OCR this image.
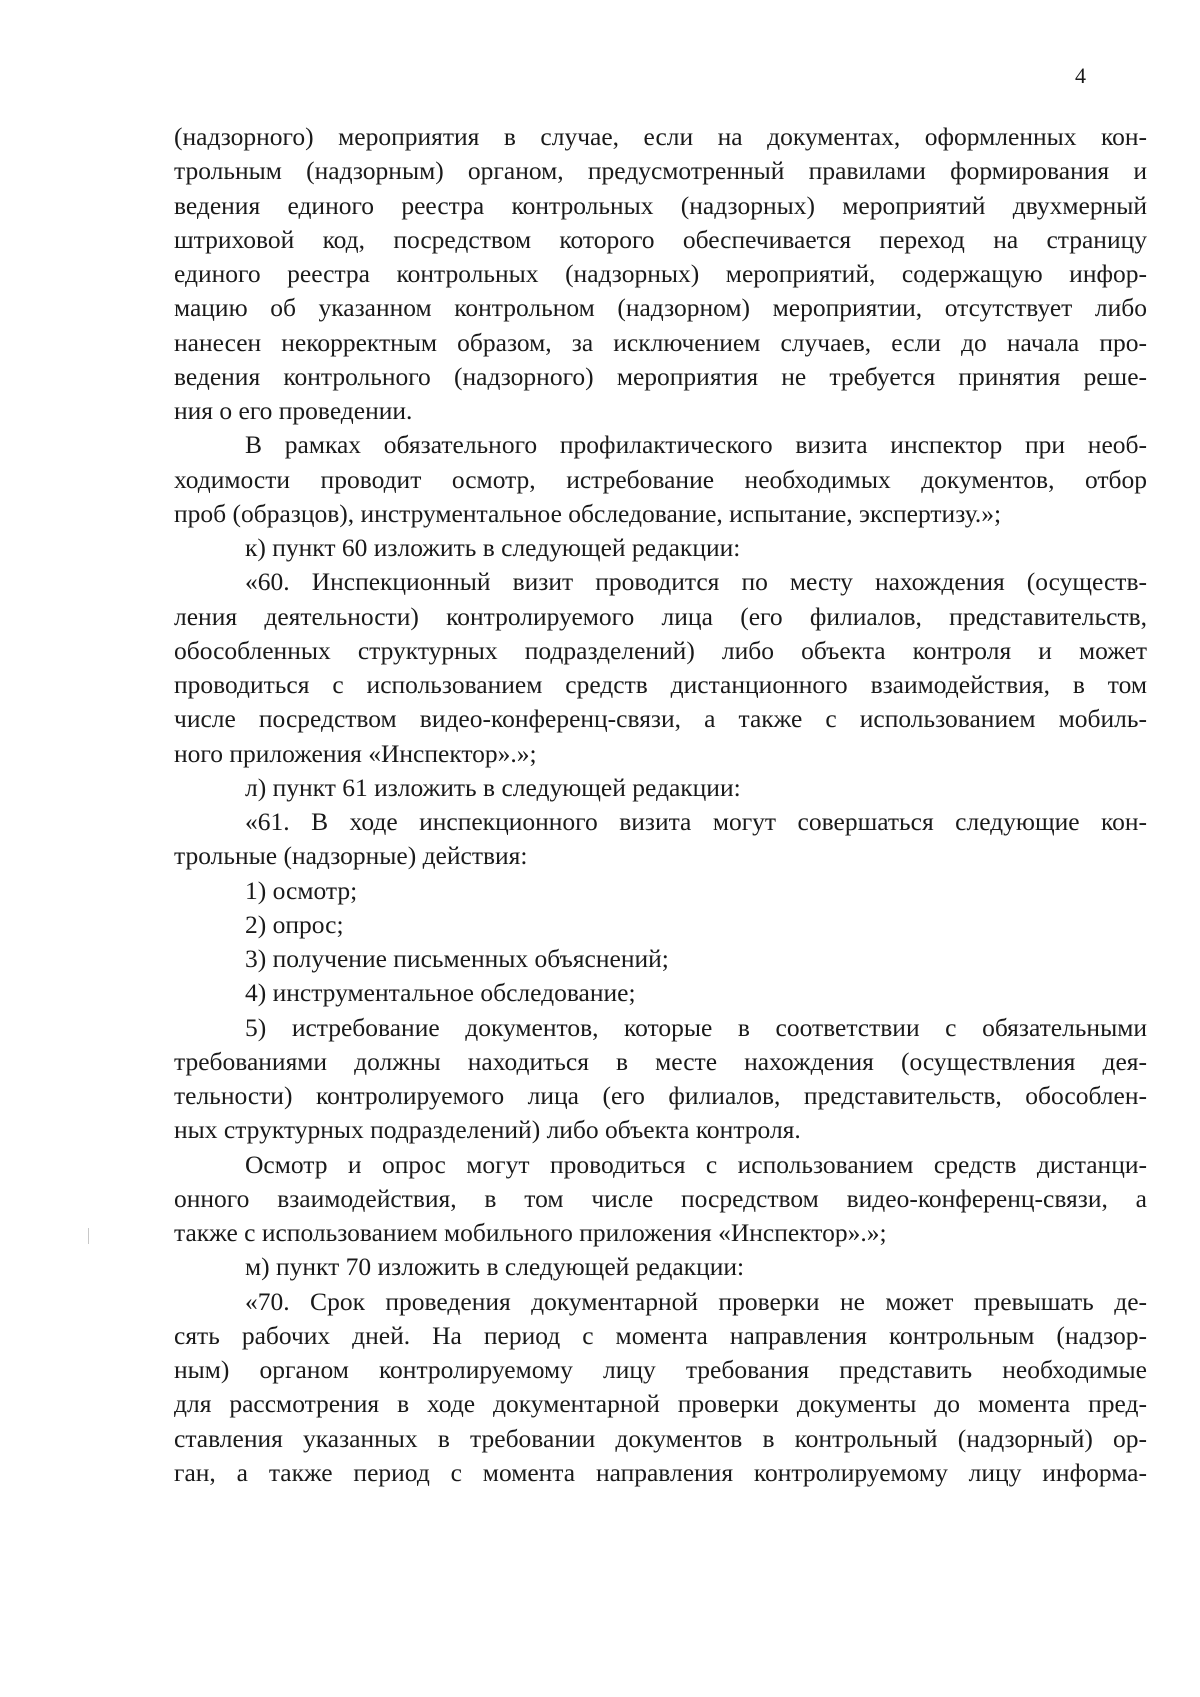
4
(надзорного) мероприятия в случае, если на документах, оформленных кон-
трольным (надзорным) органом, предусмотренный правилами формирования и
ведения единого реестра контрольных (надзорных) мероприятий двухмерный
штриховой код, посредством которого обеспечивается переход на страницу
единого реестра контрольных (надзорных) мероприятий, содержащую инфор-
мацию об указанном контрольном (надзорном) мероприятии, отсутствует либо
нанесен некорректным образом, за исключением случаев, если до начала про-
ведения контрольного (надзорного) мероприятия не требуется принятия реше-
ния о его проведении.
В рамках обязательного профилактического визита инспектор при необ-
ходимости проводит осмотр, истребование необходимых документов, отбор
проб (образцов), инструментальное обследование, испытание, экспертизу.»;
к) пункт 60 изложить в следующей редакции:
«60. Инспекционный визит проводится по месту нахождения (осуществ-
ления деятельности) контролируемого лица (его филиалов, представительств,
обособленных структурных подразделений) либо объекта контроля и может
проводиться с использованием средств дистанционного взаимодействия, в том
числе посредством видео-конференц-связи, а также с использованием мобиль-
ного приложения «Инспектор».»;
л) пункт 61 изложить в следующей редакции:
«61. В ходе инспекционного визита могут совершаться следующие кон-
трольные (надзорные) действия:
1) осмотр;
2) опрос;
3) получение письменных объяснений;
4) инструментальное обследование;
5) истребование документов, которые в соответствии с обязательными
требованиями должны находиться в месте нахождения (осуществления дея-
тельности) контролируемого лица (его филиалов, представительств, обособлен-
ных структурных подразделений) либо объекта контроля.
Осмотр и опрос могут проводиться с использованием средств дистанци-
онного взаимодействия, в том числе посредством видео-конференц-связи, а
также с использованием мобильного приложения «Инспектор».»;
м) пункт 70 изложить в следующей редакции:
«70. Срок проведения документарной проверки не может превышать де-
сять рабочих дней. На период с момента направления контрольным (надзор-
ным) органом контролируемому лицу требования представить необходимые
для рассмотрения в ходе документарной проверки документы до момента пред-
ставления указанных в требовании документов в контрольный (надзорный) ор-
ган, а также период с момента направления контролируемому лицу информа-
